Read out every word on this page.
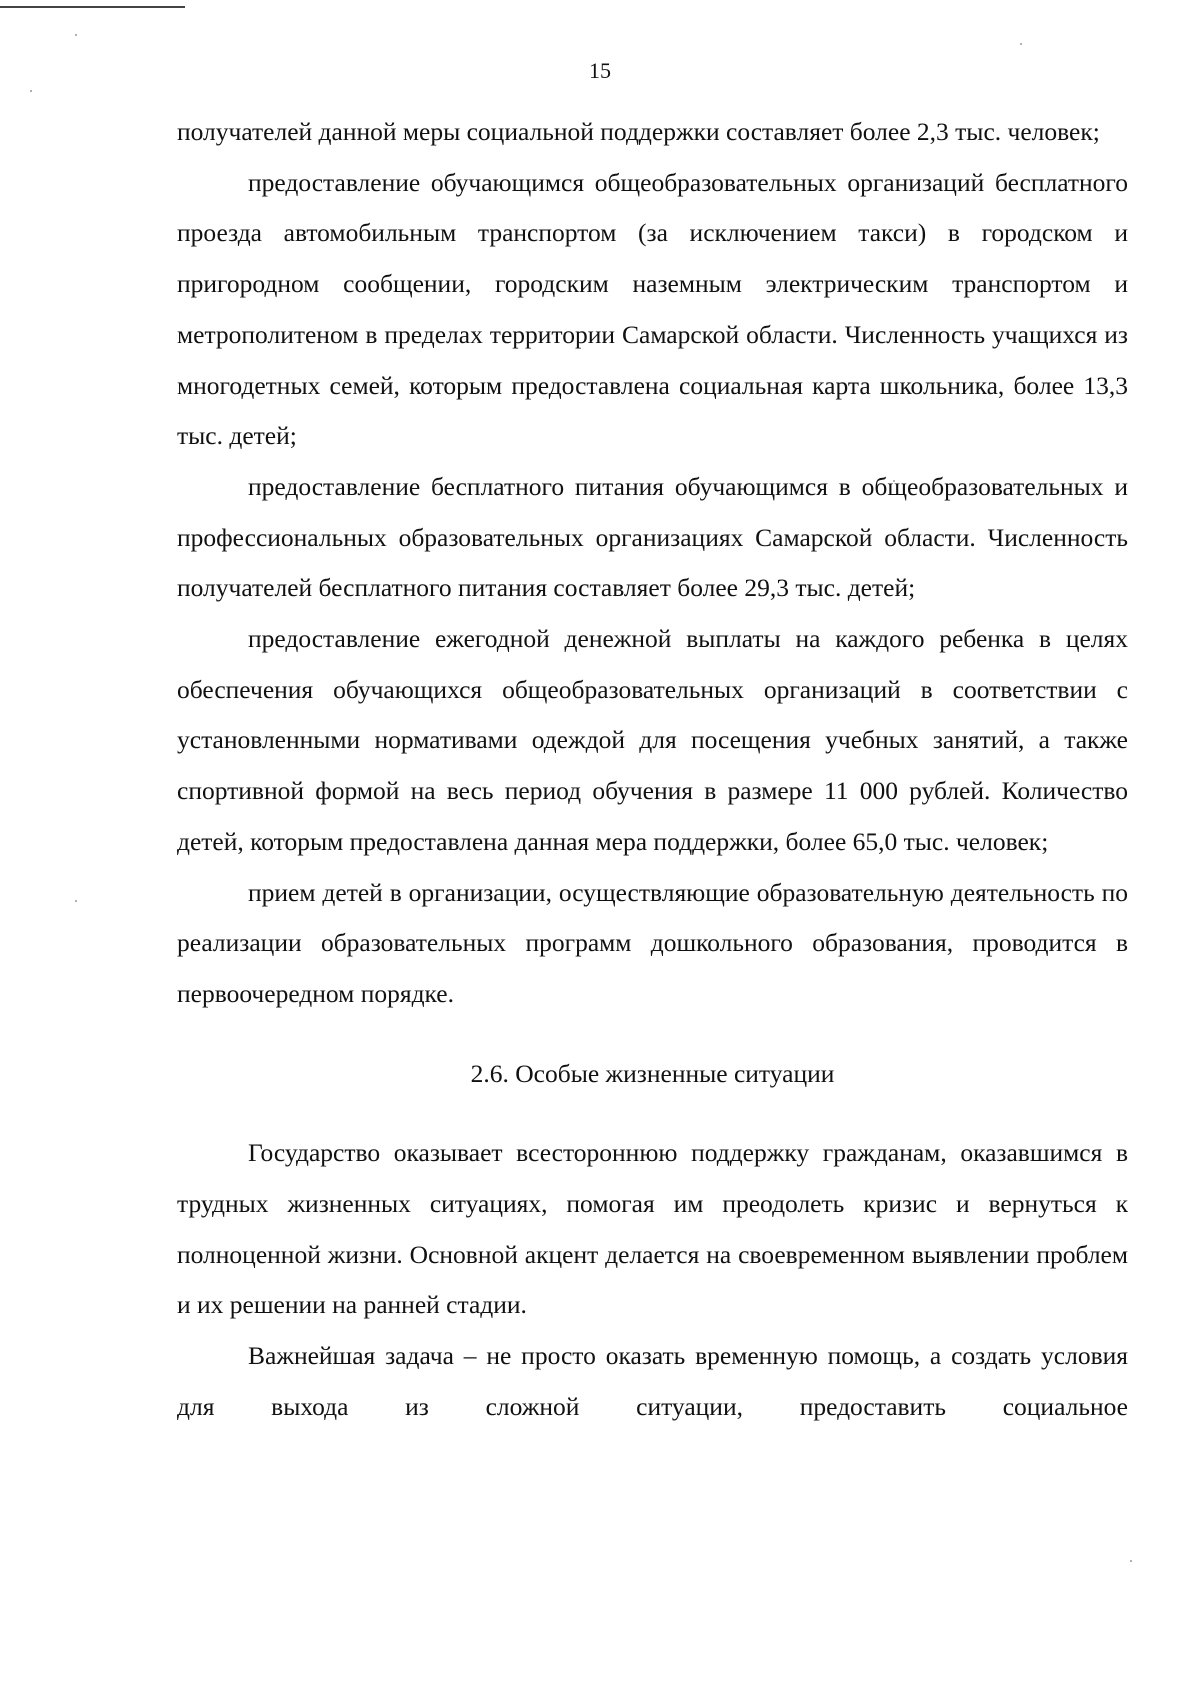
15

получателей данной меры социальной поддержки составляет более 2,3 тыс. человек;

предоставление обучающимся общеобразовательных организаций бесплатного проезда автомобильным транспортом (за исключением такси) в городском и пригородном сообщении, городским наземным электрическим транспортом и метрополитеном в пределах территории Самарской области. Численность учащихся из многодетных семей, которым предоставлена социальная карта школьника, более 13,3 тыс. детей;

предоставление бесплатного питания обучающимся в общеобразовательных и профессиональных образовательных организациях Самарской области. Численность получателей бесплатного питания составляет более 29,3 тыс. детей;

предоставление ежегодной денежной выплаты на каждого ребенка в целях обеспечения обучающихся общеобразовательных организаций в соответствии с установленными нормативами одеждой для посещения учебных занятий, а также спортивной формой на весь период обучения в размере 11 000 рублей. Количество детей, которым предоставлена данная мера поддержки, более 65,0 тыс. человек;

прием детей в организации, осуществляющие образовательную деятельность по реализации образовательных программ дошкольного образования, проводится в первоочередном порядке.

2.6. Особые жизненные ситуации

Государство оказывает всестороннюю поддержку гражданам, оказавшимся в трудных жизненных ситуациях, помогая им преодолеть кризис и вернуться к полноценной жизни. Основной акцент делается на своевременном выявлении проблем и их решении на ранней стадии.

Важнейшая задача – не просто оказать временную помощь, а создать условия для выхода из сложной ситуации, предоставить социальное
